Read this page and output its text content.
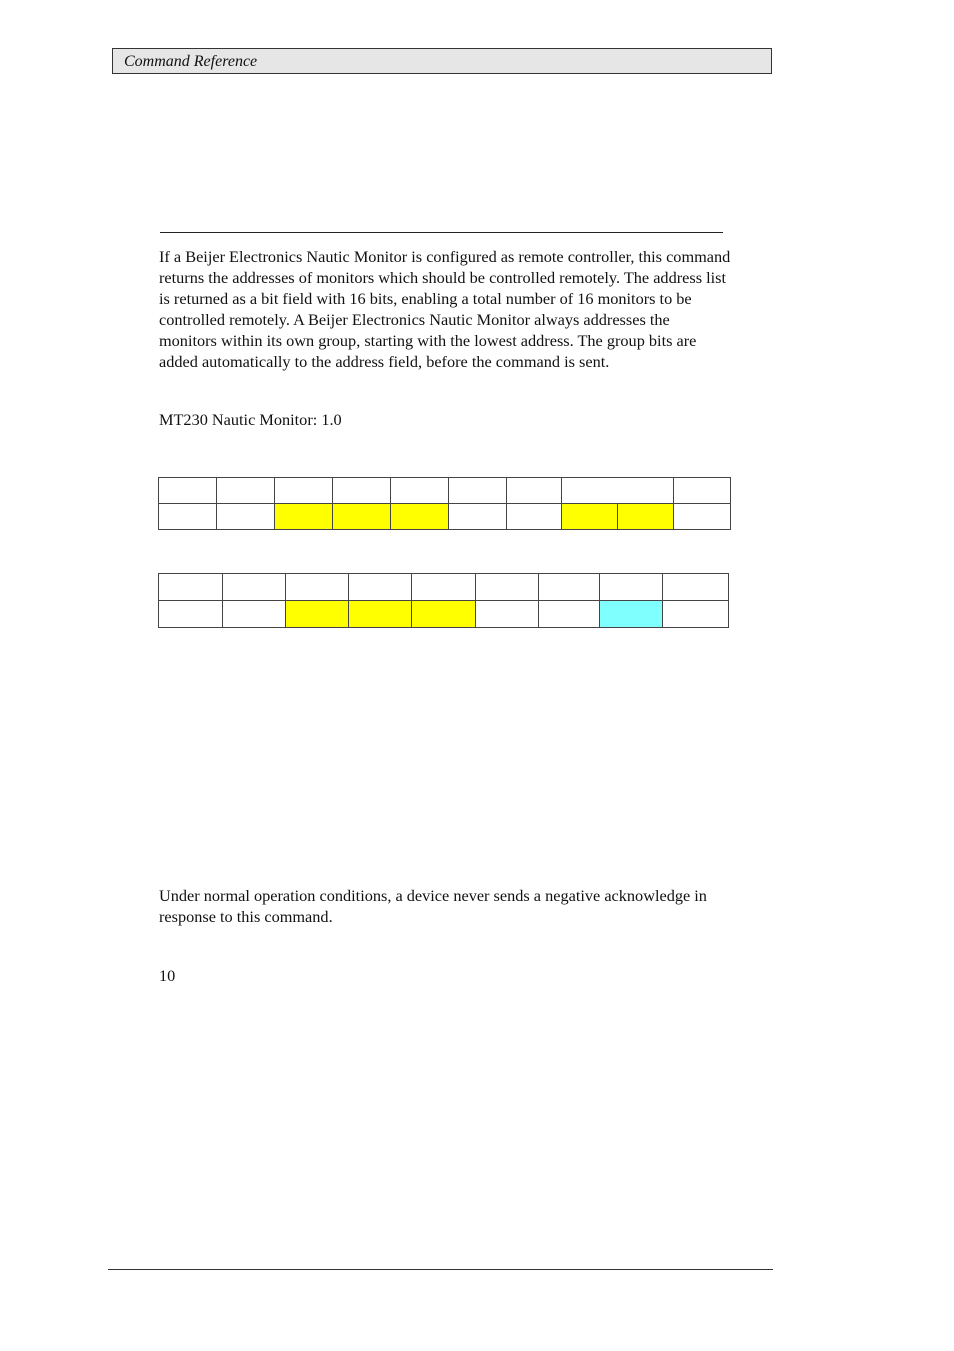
Command Reference

If a Beijer Electronics Nautic Monitor is configured as remote controller, this command returns the addresses of monitors which should be controlled remotely. The address list is returned as a bit field with 16 bits, enabling a total number of 16 monitors to be controlled remotely. A Beijer Electronics Nautic Monitor always addresses the monitors within its own group, starting with the lowest address. The group bits are added automatically to the address field, before the command is sent.

MT230 Nautic Monitor: 1.0

Under normal operation conditions, a device never sends a negative acknowledge in response to this command.

10
